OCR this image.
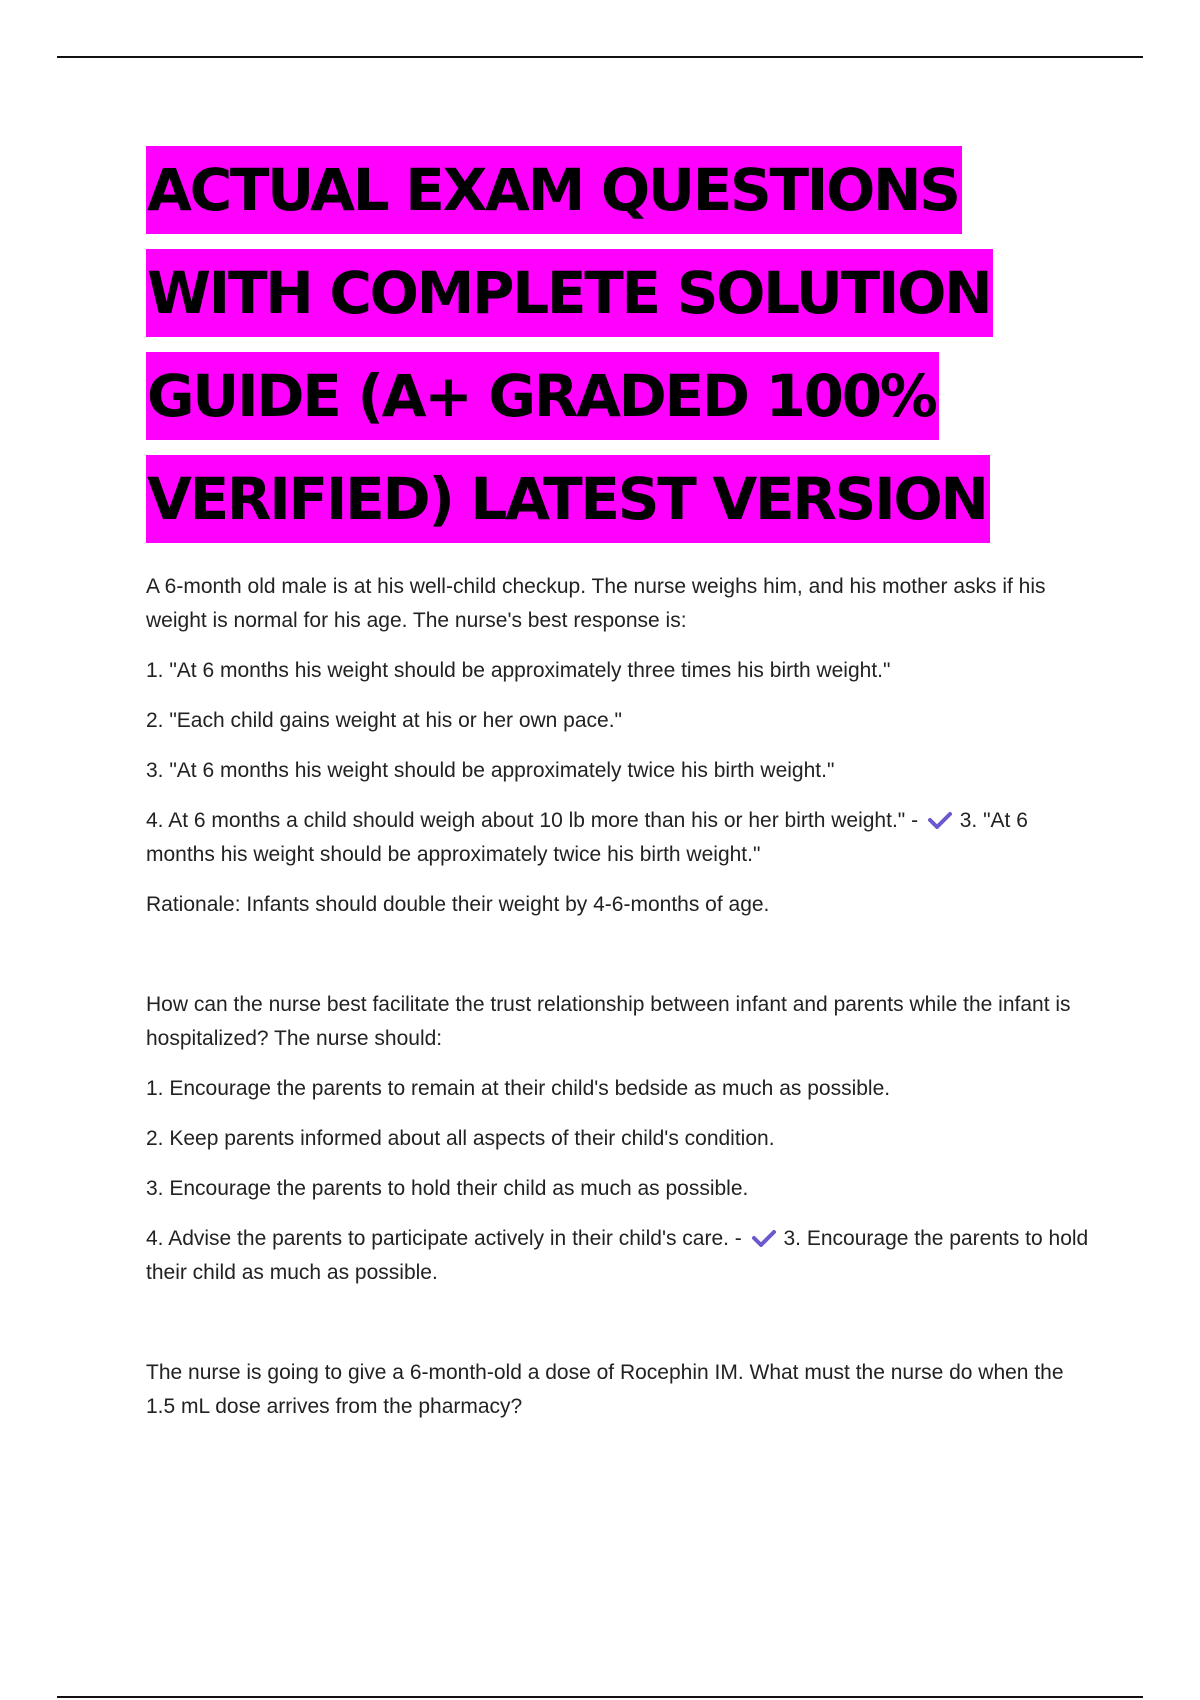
ACTUAL EXAM QUESTIONS
WITH COMPLETE SOLUTION
GUIDE (A+ GRADED 100%
VERIFIED) LATEST VERSION

A 6-month old male is at his well-child checkup. The nurse weighs him, and his mother asks if his weight is normal for his age. The nurse's best response is:

1. "At 6 months his weight should be approximately three times his birth weight."

2. "Each child gains weight at his or her own pace."

3. "At 6 months his weight should be approximately twice his birth weight."

4. At 6 months a child should weigh about 10 lb more than his or her birth weight." - 3. "At 6 months his weight should be approximately twice his birth weight."

Rationale: Infants should double their weight by 4-6-months of age.

How can the nurse best facilitate the trust relationship between infant and parents while the infant is hospitalized? The nurse should:

1. Encourage the parents to remain at their child's bedside as much as possible.

2. Keep parents informed about all aspects of their child's condition.

3. Encourage the parents to hold their child as much as possible.

4. Advise the parents to participate actively in their child's care. - 3. Encourage the parents to hold their child as much as possible.

The nurse is going to give a 6-month-old a dose of Rocephin IM. What must the nurse do when the 1.5 mL dose arrives from the pharmacy?
